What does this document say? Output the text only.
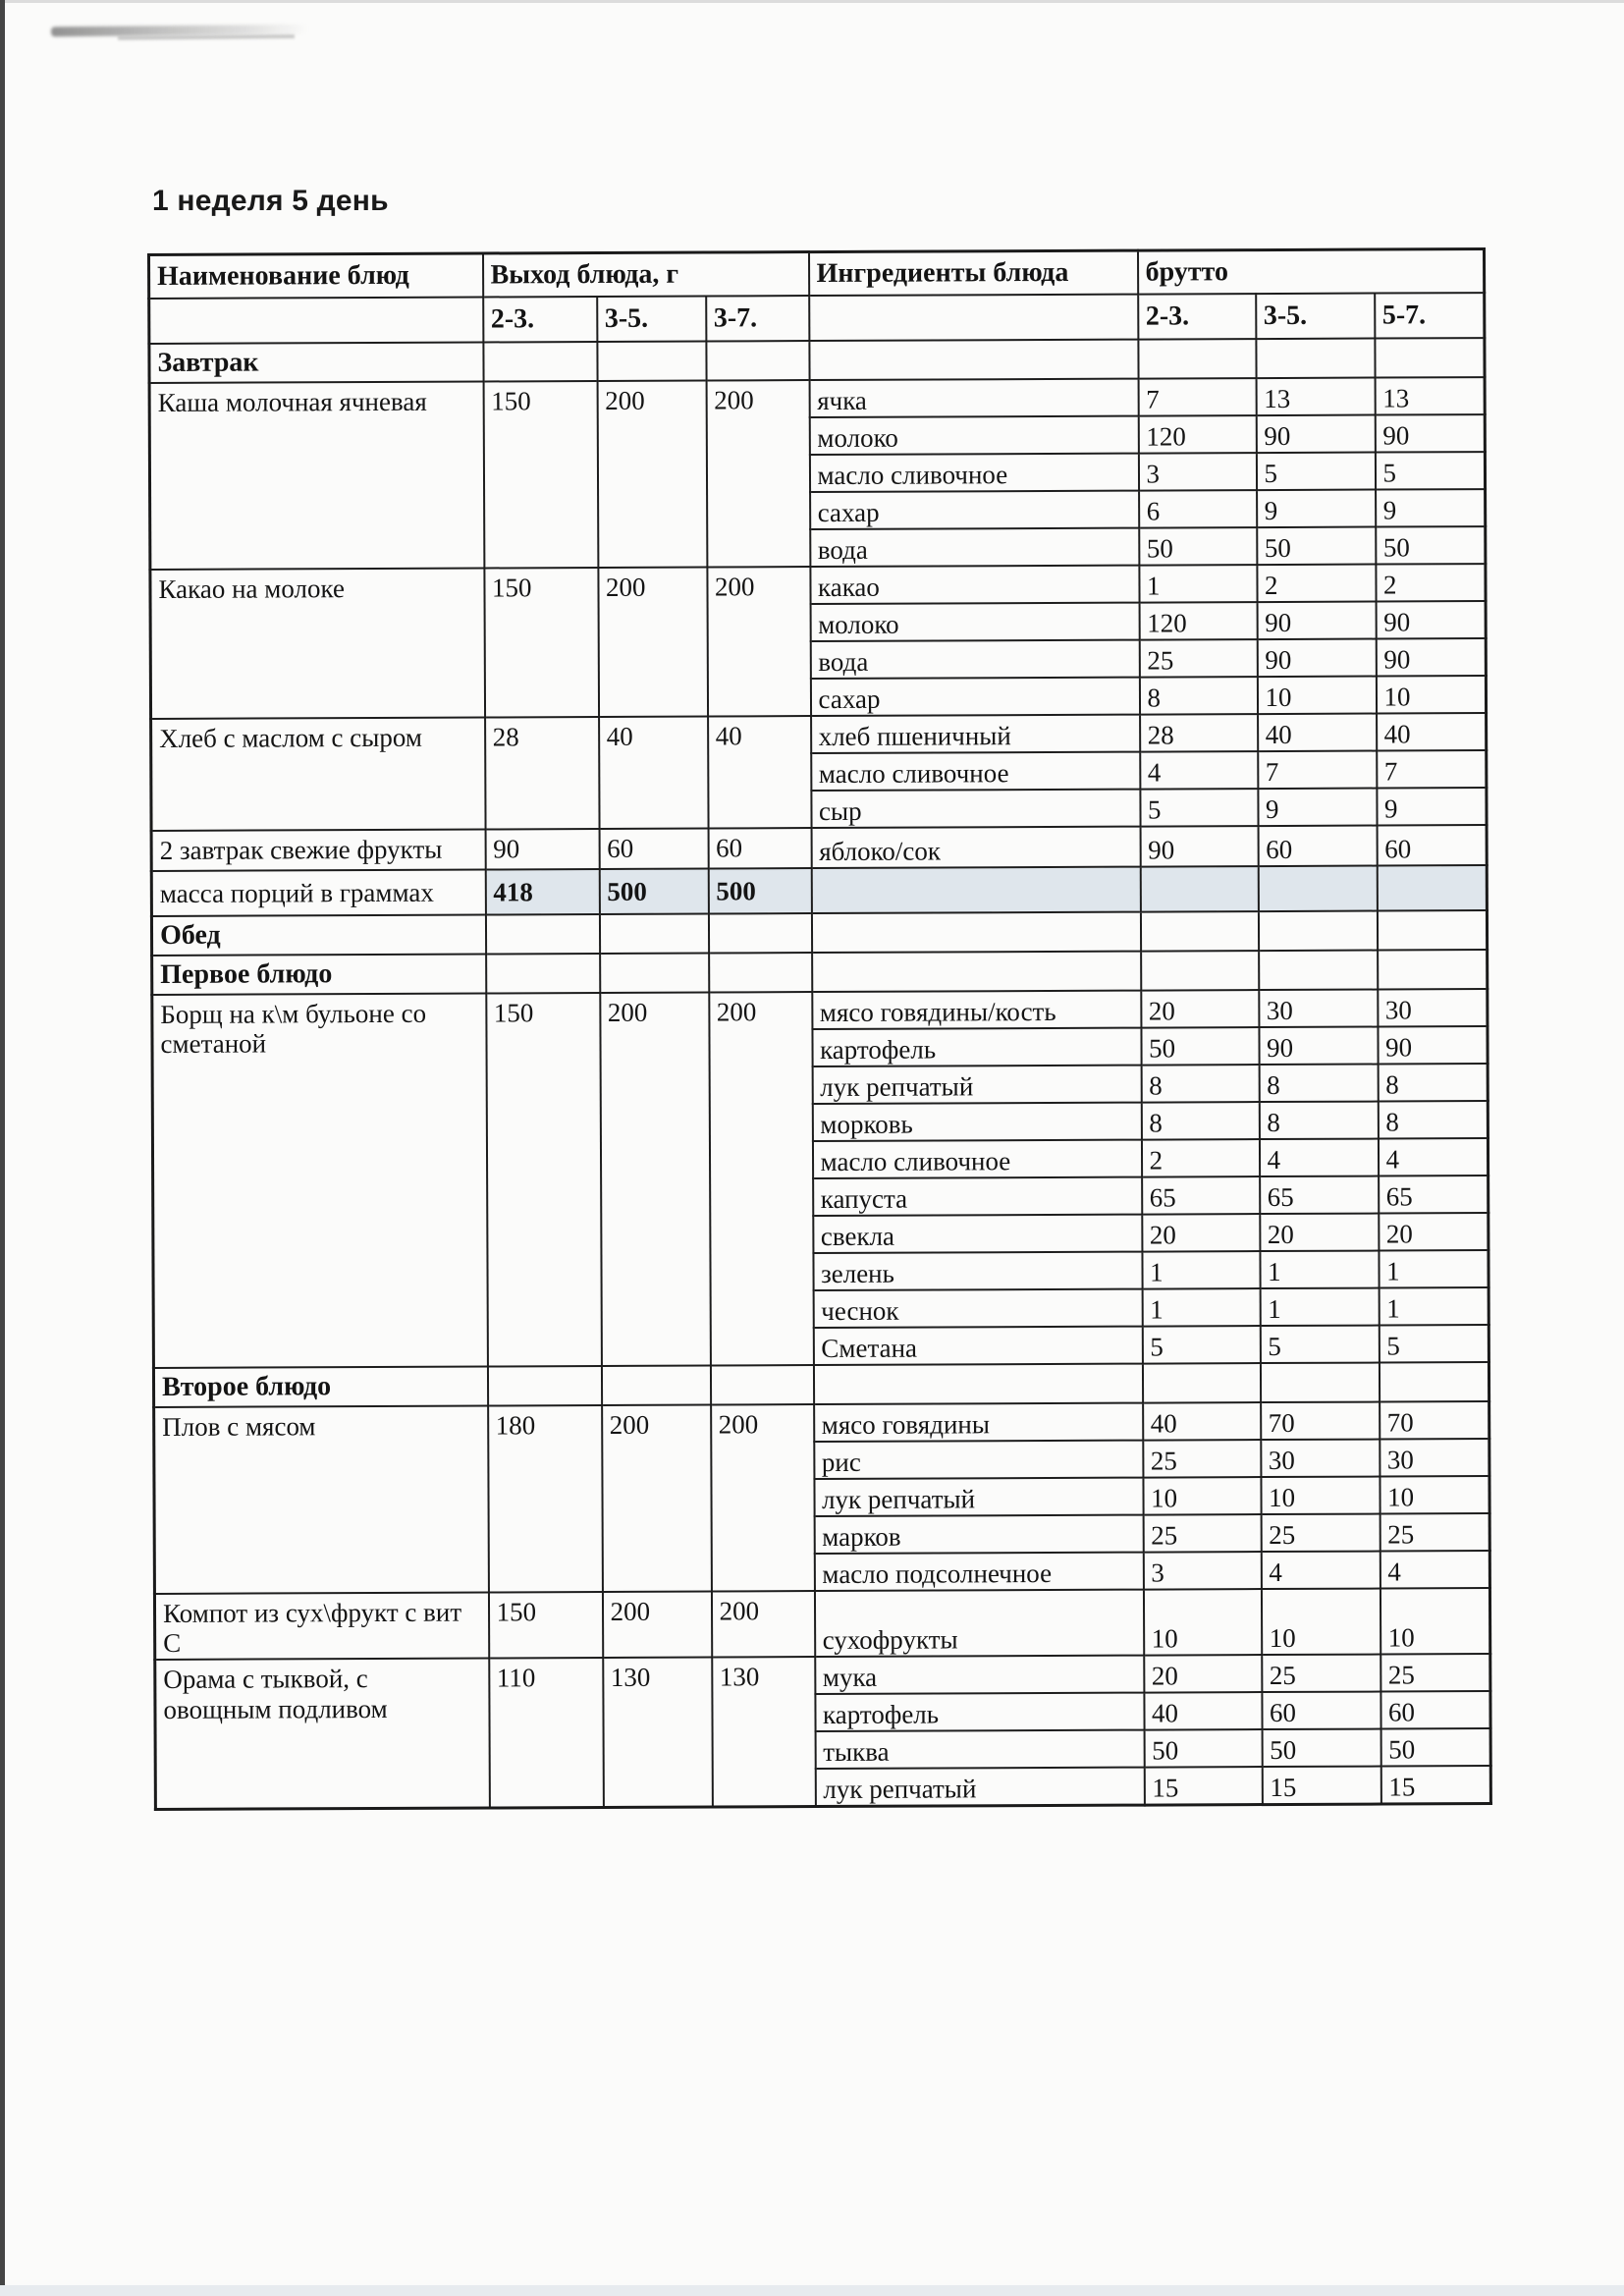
1 неделя 5 день
Наименование блюд	Выход блюда, г			Ингредиенты блюда	брутто		
	2-3.	3-5.	3-7.		2-3.	3-5.	5-7.
Завтрак							
Каша молочная ячневая	150	200	200	ячка	7	13	13
				молоко	120	90	90
				масло сливочное	3	5	5
				сахар	6	9	9
				вода	50	50	50
Какао на молоке	150	200	200	какао	1	2	2
				молоко	120	90	90
				вода	25	90	90
				сахар	8	10	10
Хлеб с маслом с сыром	28	40	40	хлеб пшеничный	28	40	40
				масло сливочное	4	7	7
				сыр	5	9	9
2 завтрак свежие фрукты	90	60	60	яблоко/сок	90	60	60
масса порций в граммах	418	500	500				
Обед							
Первое блюдо							
Борщ на к\м бульоне со сметаной	150	200	200	мясо говядины/кость	20	30	30
				картофель	50	90	90
				лук репчатый	8	8	8
				морковь	8	8	8
				масло сливочное	2	4	4
				капуста	65	65	65
				свекла	20	20	20
				зелень	1	1	1
				чеснок	1	1	1
				Сметана	5	5	5
Второе блюдо							
Плов с мясом	180	200	200	мясо говядины	40	70	70
				рис	25	30	30
				лук репчатый	10	10	10
				марков	25	25	25
				масло подсолнечное	3	4	4
Компот из сух\фрукт с вит С	150	200	200	сухофрукты	10	10	10
Орама с тыквой, с овощным подливом	110	130	130	мука	20	25	25
				картофель	40	60	60
				тыква	50	50	50
				лук репчатый	15	15	15
